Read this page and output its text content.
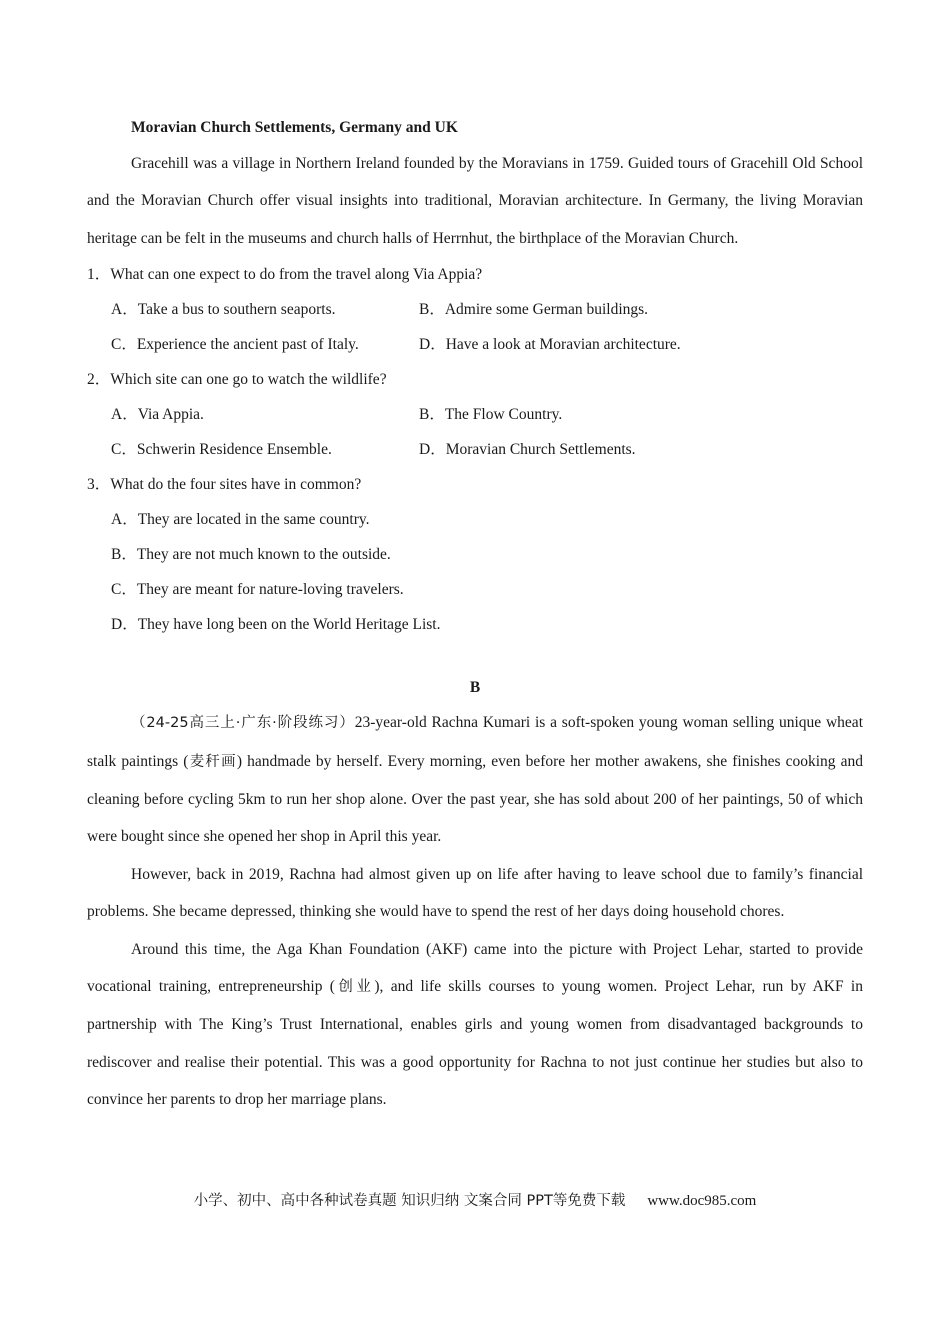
Moravian Church Settlements, Germany and UK

Gracehill was a village in Northern Ireland founded by the Moravians in 1759. Guided tours of Gracehill Old School and the Moravian Church offer visual insights into traditional, Moravian architecture. In Germany, the living Moravian heritage can be felt in the museums and church halls of Herrnhut, the birthplace of the Moravian Church.

1．What can one expect to do from the travel along Via Appia?

A．Take a bus to southern seaports.	B．Admire some German buildings.
C．Experience the ancient past of Italy.	D．Have a look at Moravian architecture.

2．Which site can one go to watch the wildlife?

A．Via Appia.	B．The Flow Country.
C．Schwerin Residence Ensemble.	D．Moravian Church Settlements.

3．What do the four sites have in common?

A．They are located in the same country.
B．They are not much known to the outside.
C．They are meant for nature-loving travelers.
D．They have long been on the World Heritage List.
B

（24-25高三上·广东·阶段练习）23-year-old Rachna Kumari is a soft-spoken young woman selling unique wheat stalk paintings (麦秆画) handmade by herself. Every morning, even before her mother awakens, she finishes cooking and cleaning before cycling 5km to run her shop alone. Over the past year, she has sold about 200 of her paintings, 50 of which were bought since she opened her shop in April this year.

However, back in 2019, Rachna had almost given up on life after having to leave school due to family’s financial problems. She became depressed, thinking she would have to spend the rest of her days doing household chores.

Around this time, the Aga Khan Foundation (AKF) came into the picture with Project Lehar, started to provide vocational training, entrepreneurship (创业), and life skills courses to young women. Project Lehar, run by AKF in partnership with The King’s Trust International, enables girls and young women from disadvantaged backgrounds to rediscover and realise their potential. This was a good opportunity for Rachna to not just continue her studies but also to convince her parents to drop her marriage plans.

小学、初中、高中各种试卷真题 知识归纳 文案合同 PPT等免费下载 www.doc985.com
